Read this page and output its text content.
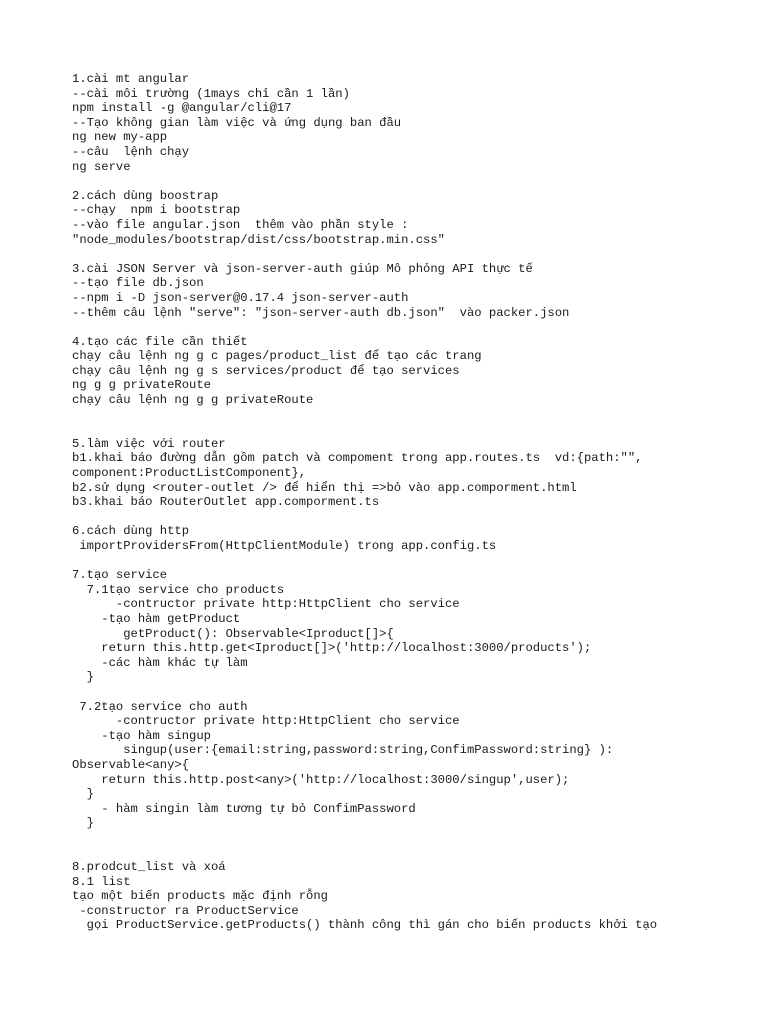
1.cài mt angular
--cài môi trường (1mays chỉ cần 1 lần)
npm install -g @angular/cli@17
--Tạo không gian làm việc và ứng dụng ban đầu
ng new my-app
--câu  lệnh chạy
ng serve
2.cách dùng boostrap
--chạy  npm i bootstrap
--vào file angular.json  thêm vào phần style :
"node_modules/bootstrap/dist/css/bootstrap.min.css"
3.cài JSON Server và json-server-auth giúp Mô phỏng API thực tế
--tạo file db.json
--npm i -D json-server@0.17.4 json-server-auth
--thêm câu lệnh "serve": "json-server-auth db.json"  vào packer.json
4.tạo các file cần thiết
chạy câu lệnh ng g c pages/product_list để tạo các trang
chạy câu lệnh ng g s services/product để tạo services
ng g g privateRoute
chạy câu lệnh ng g g privateRoute
5.làm việc với router
b1.khai báo đường dẫn gồm patch và compoment trong app.routes.ts  vd:{path:"",
component:ProductListComponent},
b2.sử dụng <router-outlet /> để hiển thị =>bỏ vào app.comporment.html
b3.khai báo RouterOutlet app.comporment.ts
6.cách dùng http
importProvidersFrom(HttpClientModule) trong app.config.ts
7.tạo service
7.1tạo service cho products
-contructor private http:HttpClient cho service
-tạo hàm getProduct
getProduct(): Observable<Iproduct[]>{
return this.http.get<Iproduct[]>('http://localhost:3000/products');
-các hàm khác tự làm
}
7.2tạo service cho auth
-contructor private http:HttpClient cho service
-tạo hàm singup
singup(user:{email:string,password:string,ConfimPassword:string} ):
Observable<any>{
return this.http.post<any>('http://localhost:3000/singup',user);
}
- hàm singin làm tương tự bỏ ConfimPassword
}
8.prodcut_list và xoá
8.1 list
tạo một biến products mặc định rỗng
-constructor ra ProductService
gọi ProductService.getProducts() thành công thì gán cho biến products khởi tạo
